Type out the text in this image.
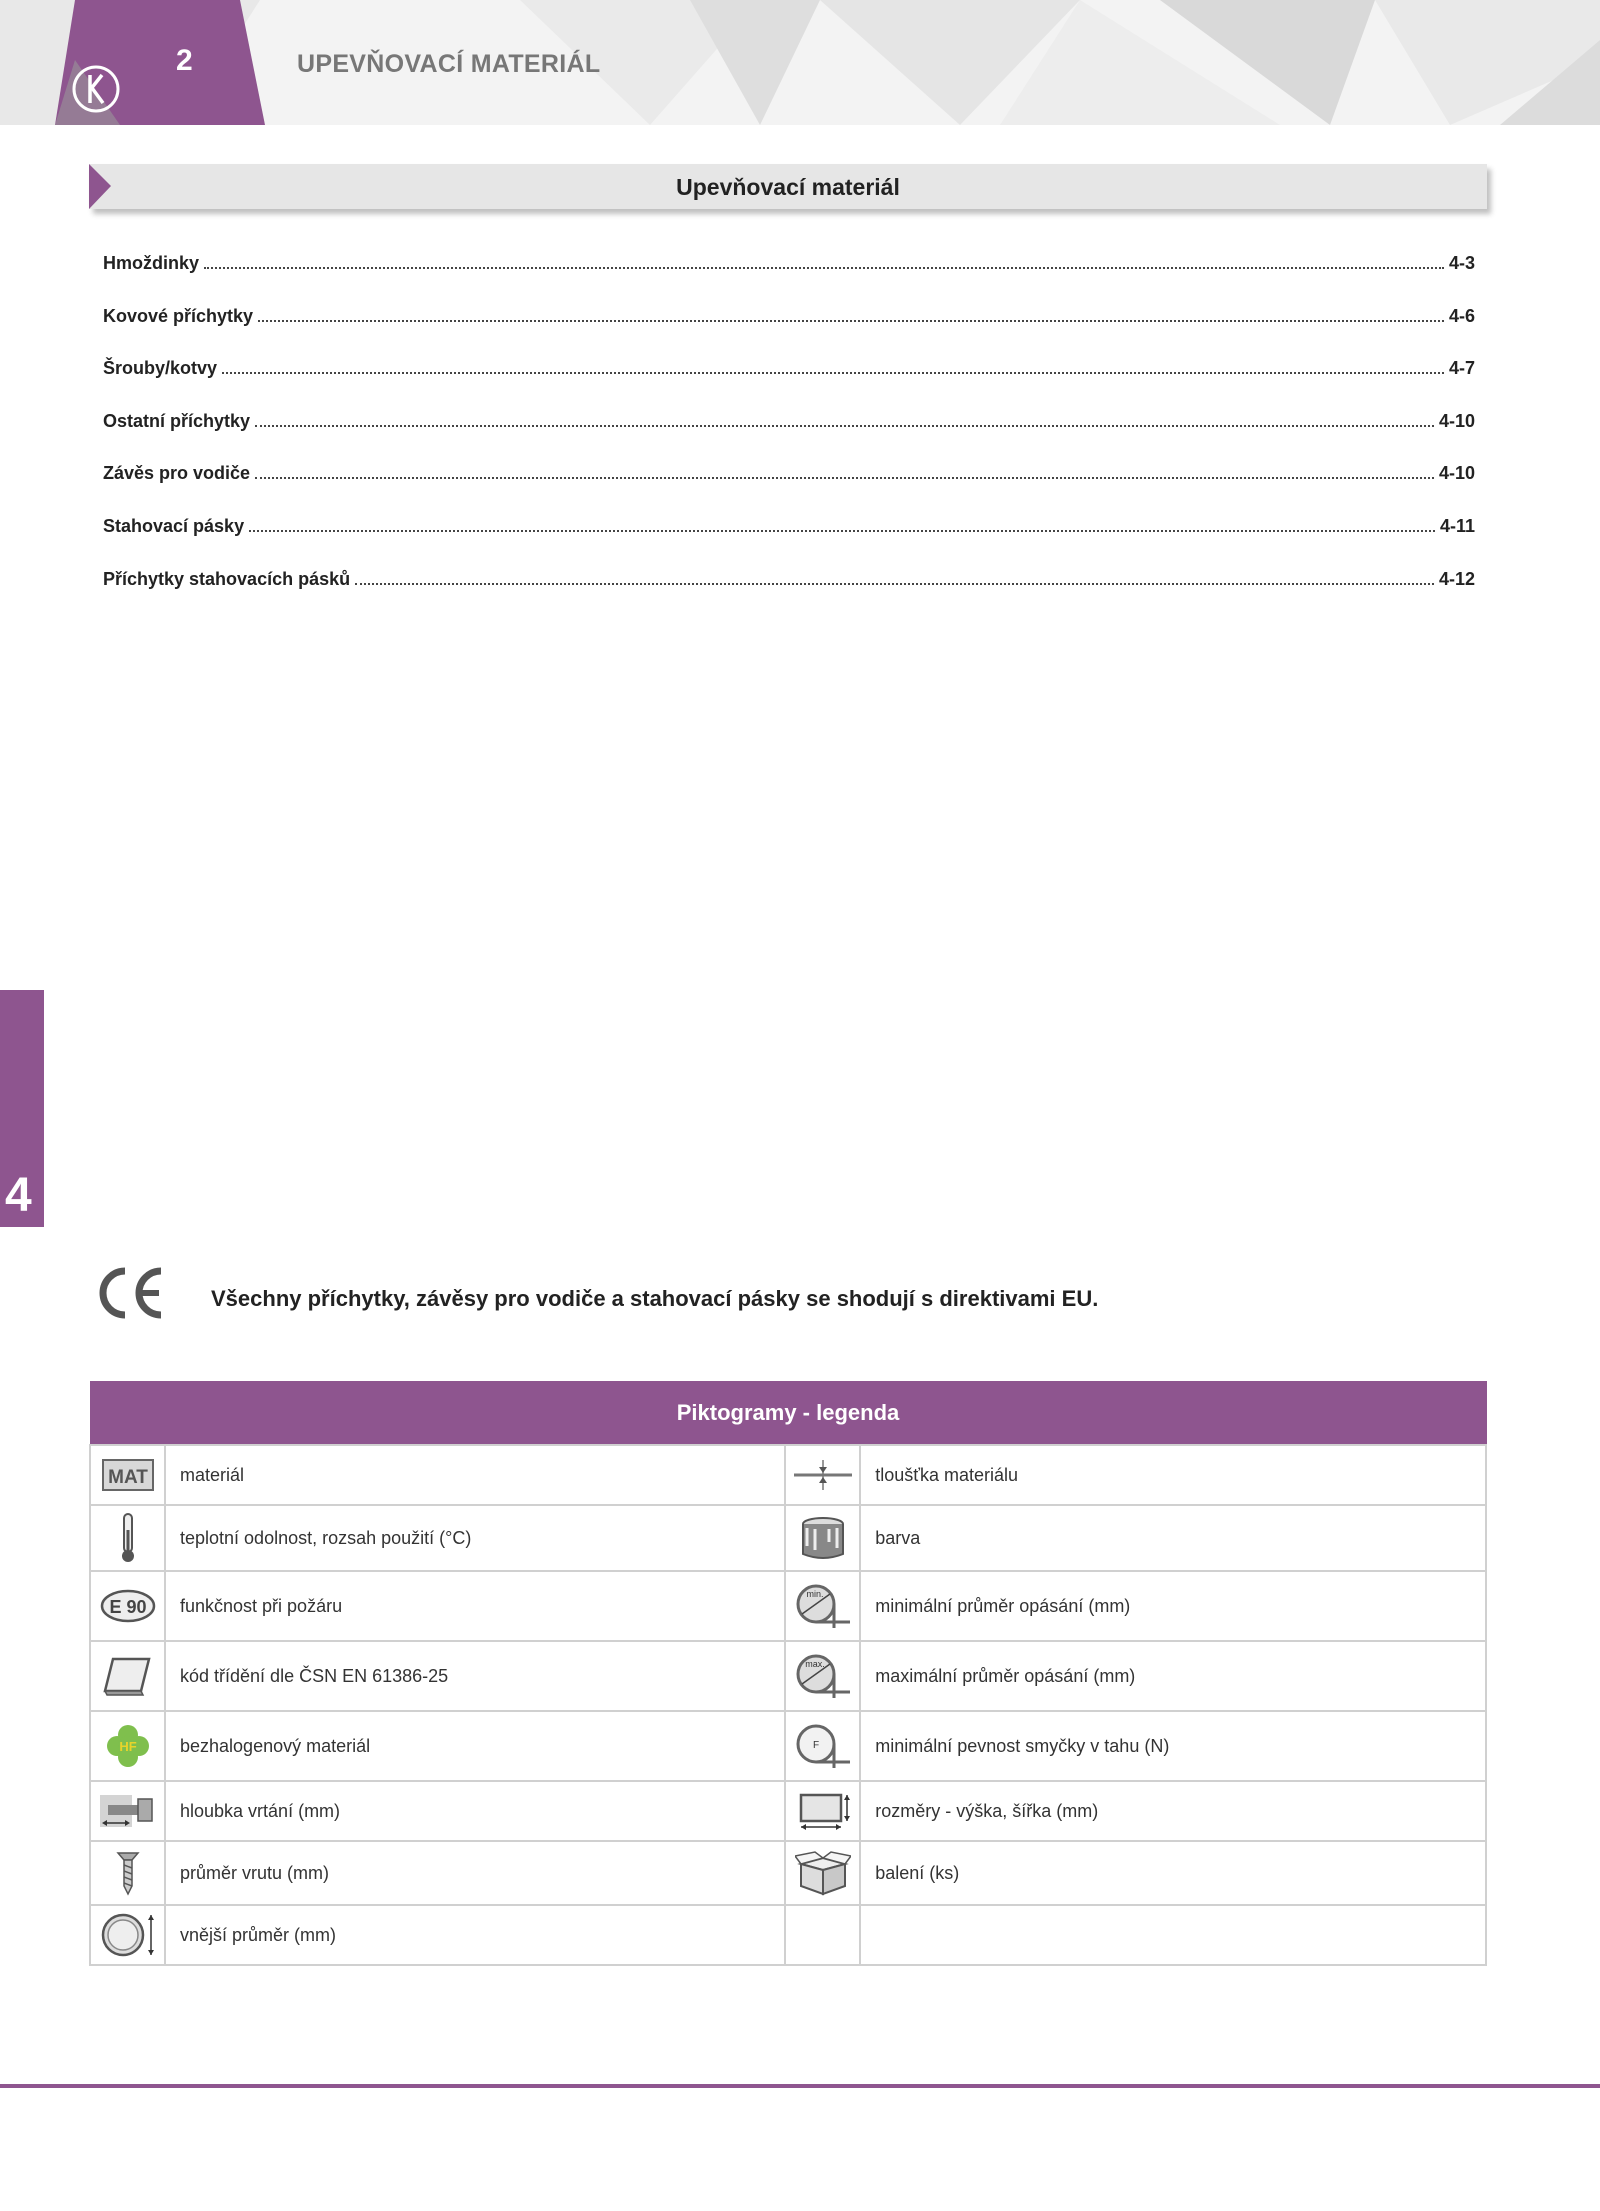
2	UPEVŇOVACÍ MATERIÁL
Upevňovací materiál
Hmoždinky	4-3
Kovové příchytky	4-6
Šrouby/kotvy	4-7
Ostatní příchytky	4-10
Závěs pro vodiče	4-10
Stahovací pásky	4-11
Příchytky stahovacích pásků	4-12
4
Všechny příchytky, závěsy pro vodiče a stahovací pásky se shodují s direktivami EU.
Piktogramy - legenda			

MAT	materiál		tloušťka materiálu

	teplotní odolnost, rozsah použití (°C)		barva

E 90	funkčnost při požáru	min.	minimální průměr opásání (mm)

	kód třídění dle ČSN EN 61386-25	max.	maximální průměr opásání (mm)

HF	bezhalogenový materiál	F	minimální pevnost smyčky v tahu (N)

	hloubka vrtání (mm)		rozměry - výška, šířka (mm)

	průměr vrutu (mm)		balení (ks)

	vnější průměr (mm)		
